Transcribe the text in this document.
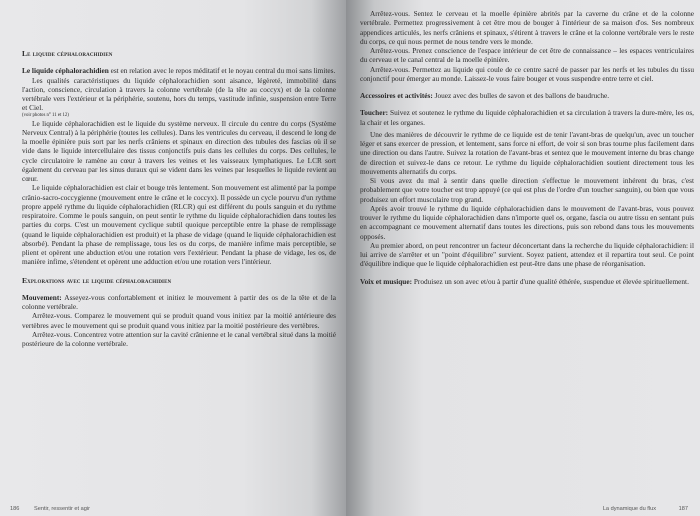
Le liquide céphalorachidien

Le liquide céphalorachidien est en relation avec le repos méditatif et le noyau central du moi sans limites.

Les qualités caractéristiques du liquide céphalorachidien sont aisance, légèreté, immobilité dans l'action, conscience, circulation à travers la colonne vertébrale (de la tête au coccyx) et de la colonne vertébrale vers l'extérieur et la périphérie, soutenu, hors du temps, vastitude infinie, suspension entre Terre et Ciel.

(voir photos n° 11 et 12)

Le liquide céphalorachidien est le liquide du système nerveux. Il circule du centre du corps (Système Nerveux Central) à la périphérie (toutes les cellules). Dans les ventricules du cerveau, il descend le long de la moelle épinière puis sort par les nerfs crâniens et spinaux en direction des tubules des fascias où il se vide dans le liquide intercellulaire des tissus conjonctifs puis dans les cellules du corps. Des cellules, le cycle circulatoire le ramène au cœur à travers les veines et les vaisseaux lymphatiques. Le LCR sort également du cerveau par les sinus duraux qui se vident dans les veines par lesquelles le liquide revient au cœur.

Le liquide céphalorachidien est clair et bouge très lentement. Son mouvement est alimenté par la pompe crânio-sacro-coccygienne (mouvement entre le crâne et le coccyx). Il possède un cycle pourvu d'un rythme propre appelé rythme du liquide céphalorachidien (RLCR) qui est différent du pouls sanguin et du rythme respiratoire. Comme le pouls sanguin, on peut sentir le rythme du liquide céphalorachidien dans toutes les parties du corps. C'est un mouvement cyclique subtil quoique perceptible entre la phase de remplissage (quand le liquide céphalorachidien est produit) et la phase de vidage (quand le liquide céphalorachidien est absorbé). Pendant la phase de remplissage, tous les os du corps, de manière infime mais perceptible, se plient et opèrent une abduction et/ou une rotation vers l'extérieur. Pendant la phase de vidage, les os, de manière infime, s'étendent et opèrent une adduction et/ou une rotation vers l'intérieur.

Explorations avec le liquide céphalorachidien

Mouvement: Asseyez-vous confortablement et initiez le mouvement à partir des os de la tête et de la colonne vertébrale.

Arrêtez-vous. Comparez le mouvement qui se produit quand vous initiez par la moitié antérieure des vertèbres avec le mouvement qui se produit quand vous initiez par la moitié postérieure des vertèbres.

Arrêtez-vous. Concentrez votre attention sur la cavité crânienne et le canal vertébral situé dans la moitié postérieure de la colonne vertébrale.

186	Sentir, ressentir et agir

Arrêtez-vous. Sentez le cerveau et la moelle épinière abrités par la caverne du crâne et de la colonne vertébrale. Permettez progressivement à cet être mou de bouger à l'intérieur de sa maison d'os. Ses nombreux appendices articulés, les nerfs crâniens et spinaux, s'étirent à travers le crâne et la colonne vertébrale vers le reste du corps, ce qui nous permet de nous tendre vers le monde.

Arrêtez-vous. Prenez conscience de l'espace intérieur de cet être de connaissance – les espaces ventriculaires du cerveau et le canal central de la moelle épinière.

Arrêtez-vous. Permettez au liquide qui coule de ce centre sacré de passer par les nerfs et les tubules du tissu conjonctif pour émerger au monde. Laissez-le vous faire bouger et vous suspendre entre terre et ciel.

Accessoires et activités: Jouez avec des bulles de savon et des ballons de baudruche.

Toucher: Suivez et soutenez le rythme du liquide céphalorachidien et sa circulation à travers la dure-mère, les os, la chair et les organes.

Une des manières de découvrir le rythme de ce liquide est de tenir l'avant-bras de quelqu'un, avec un toucher léger et sans exercer de pression, et lentement, sans force ni effort, de voir si son bras tourne plus facilement dans une direction ou dans l'autre. Suivez la rotation de l'avant-bras et sentez que le mouvement interne du bras change de direction et suivez-le dans ce retour. Le rythme du liquide céphalorachidien soutient directement tous les mouvements alternatifs du corps.

Si vous avez du mal à sentir dans quelle direction s'effectue le mouvement inhérent du bras, c'est probablement que votre toucher est trop appuyé (ce qui est plus de l'ordre d'un toucher sanguin), ou bien que vous produisez un effort musculaire trop grand.

Après avoir trouvé le rythme du liquide céphalorachidien dans le mouvement de l'avant-bras, vous pouvez trouver le rythme du liquide céphalorachidien dans n'importe quel os, organe, fascia ou autre tissu en sentant puis en accompagnant ce mouvement alternatif dans toutes les directions, puis son rebond dans tous les mouvements opposés.

Au premier abord, on peut rencontrer un facteur déconcertant dans la recherche du liquide céphalorachidien: il lui arrive de s'arrêter et un "point d'équilibre" survient. Soyez patient, attendez et il repartira tout seul. Ce point d'équilibre indique que le liquide céphalorachidien est peut-être dans une phase de réorganisation.

Voix et musique: Produisez un son avec et/ou à partir d'une qualité éthérée, suspendue et élevée spirituellement.

La dynamique du flux	187
